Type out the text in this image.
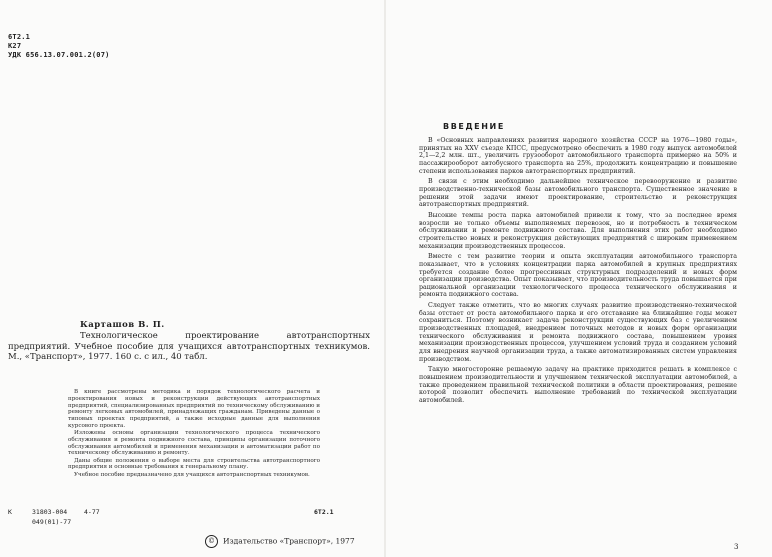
6Т2.1
К27
УДК 656.13.07.001.2(07)
Карташов В. П.
Технологическое проектирование автотранспортных предприятий. Учебное пособие для учащихся автотранспортных техникумов. М., «Транспорт», 1977. 160 с. с ил., 40 табл.

В книге рассмотрены методика и порядок технологического расчета и проектирования новых и реконструкции действующих автотранспортных предприятий, специализированных предприятий по техническому обслуживанию и ремонту легковых автомобилей, принадлежащих гражданам. Приведены данные о типовых проектах предприятий, а также исходные данные для выполнения курсового проекта.

Изложены основы организации технологического процесса технического обслуживания и ремонта подвижного состава, принципы организации поточного обслуживания автомобилей и применения механизации и автоматизации работ по техническому обслуживанию и ремонту.

Даны общие положения о выборе места для строительства автотранспортного предприятия и основные требования к генеральному плану.

Учебное пособие предназначено для учащихся автотранспортных техникумов.

К	31803-004
049(01)-77
4-77	6Т2.1
© Издательство «Транспорт», 1977
ВВЕДЕНИЕ

В «Основных направлениях развития народного хозяйства СССР на 1976—1980 годы», принятых на XXV съезде КПСС, предусмотрено обеспечить в 1980 году выпуск автомобилей 2,1—2,2 млн. шт., увеличить грузооборот автомобильного транспорта примерно на 50% и пассажирооборот автобусного транспорта на 25%, продолжить концентрацию и повышение степени использования парков автотранспортных предприятий.

В связи с этим необходимо дальнейшее техническое перевооружение и развитие производственно-технической базы автомобильного транспорта. Существенное значение в решении этой задачи имеют проектирование, строительство и реконструкция автотранспортных предприятий.

Высокие темпы роста парка автомобилей привели к тому, что за последнее время возросли не только объемы выполняемых перевозок, но и потребность в техническом обслуживании и ремонте подвижного состава. Для выполнения этих работ необходимо строительство новых и реконструкция действующих предприятий с широким применением механизации производственных процессов.

Вместе с тем развитие теории и опыта эксплуатации автомобильного транспорта показывает, что в условиях концентрации парка автомобилей в крупных предприятиях требуется создание более прогрессивных структурных подразделений и новых форм организации производства. Опыт показывает, что производительность труда повышается при рациональной организации технологического процесса технического обслуживания и ремонта подвижного состава.

Следует также отметить, что во многих случаях развитие производственно-технической базы отстает от роста автомобильного парка и его отставание на ближайшие годы может сохраниться. Поэтому возникает задача реконструкции существующих баз с увеличением производственных площадей, внедрением поточных методов и новых форм организации технического обслуживания и ремонта подвижного состава, повышением уровня механизации производственных процессов, улучшением условий труда и созданием условий для внедрения научной организации труда, а также автоматизированных систем управления производством.

Такую многосторонне решаемую задачу на практике приходится решать в комплексе с повышением производительности и улучшением технической эксплуатации автомобилей, а также проведением правильной технической политики в области проектирования, решение которой позволит обеспечить выполнение требований по технической эксплуатации автомобилей.

3
